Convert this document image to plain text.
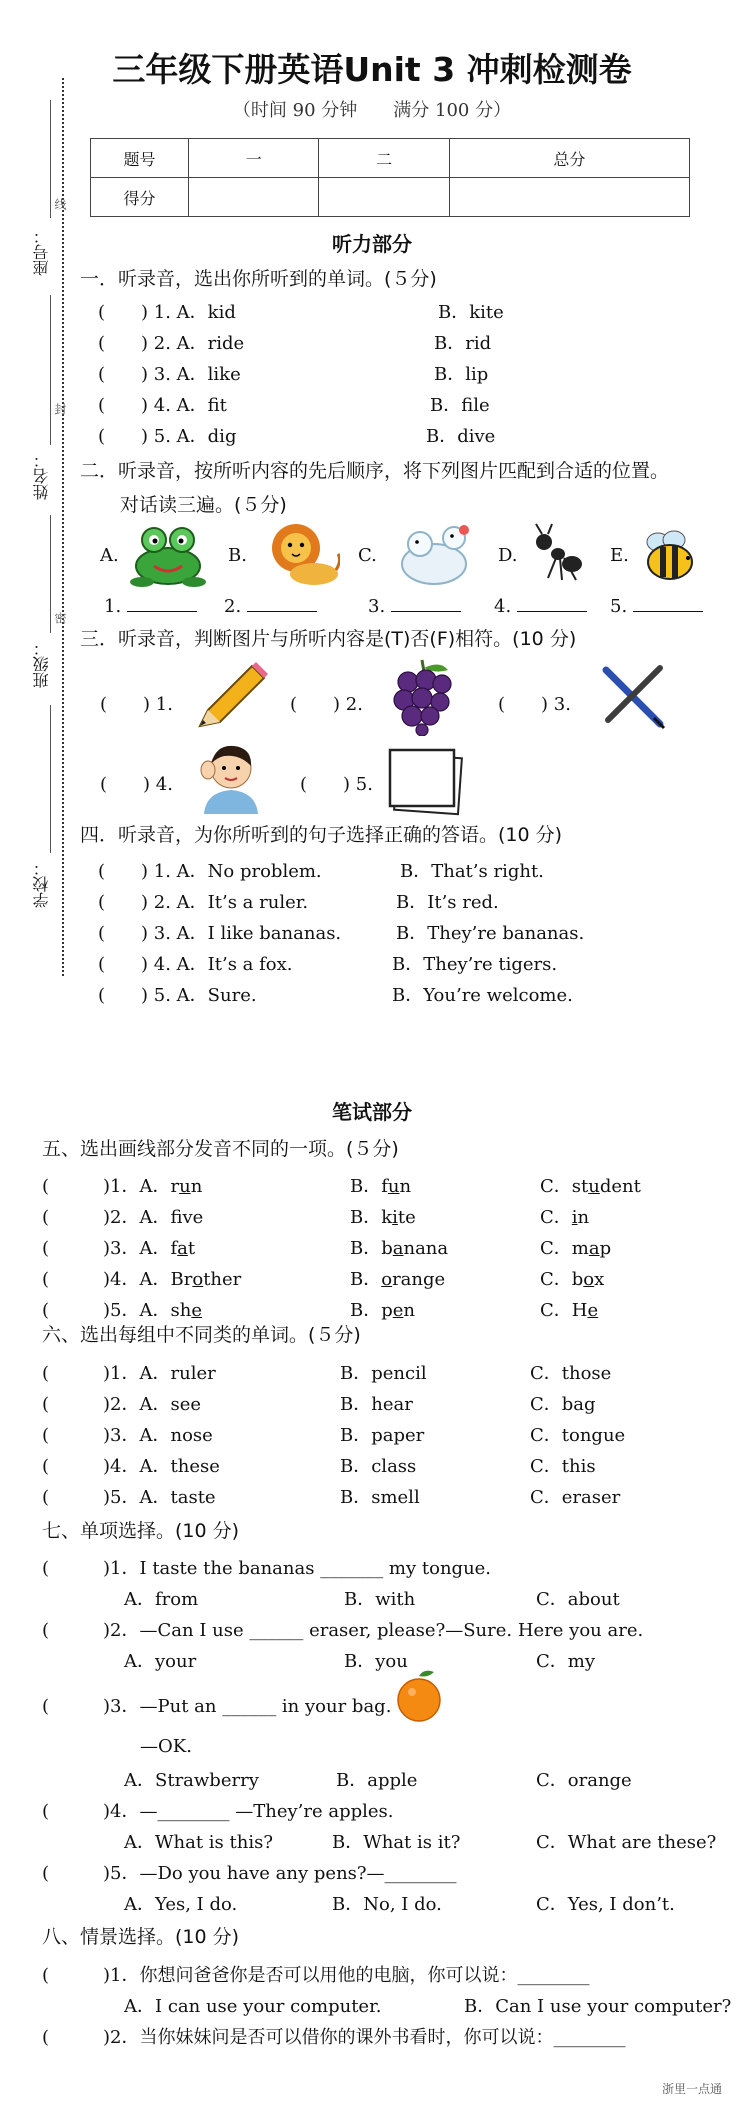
三年级下册英语Unit 3 冲刺检测卷
（时间 90 分钟　　满分 100 分）
题号	一	二	总分
得分			
座号：
姓名：
班级：
学校：
线
封
密
听力部分
一．听录音，选出你所听到的单词。(５分)
(　　) 1. A．kid	B．kite
(　　) 2. A．ride	B．rid
(　　) 3. A．like	B．lip
(　　) 4. A．fit	B．file
(　　) 5. A．dig	B．dive
二．听录音，按所听内容的先后顺序，将下列图片匹配到合适的位置。
对话读三遍。(５分)
A.	B.	C.	D.	E.
1.	2.	3.	4.	5.
三．听录音，判断图片与所听内容是(T)否(F)相符。(10 分)
(　　) 1.	(　　) 2.	(　　) 3.
(　　) 4.	(　　) 5.
四．听录音，为你所听到的句子选择正确的答语。(10 分)
(　　) 1. A．No problem.	B．That’s right.
(　　) 2. A．It’s a ruler.	B．It’s red.
(　　) 3. A．I like bananas.	B．They’re bananas.
(　　) 4. A．It’s a fox.	B．They’re tigers.
(　　) 5. A．Sure.	B．You’re welcome.
笔试部分
五、选出画线部分发音不同的一项。(５分)
(　　　)1．A．run	B．fun	C．student
(　　　)2．A．fve	B．kite	C．in
(　　　)3．A．fat	B．banana	C．map
(　　　)4．A．Brother	B．orange	C．box
(　　　)5．A．she	B．pen	C．He
六、选出每组中不同类的单词。(５分)
(　　　)1．A．ruler	B．pencil	C．those
(　　　)2．A．see	B．hear	C．bag
(　　　)3．A．nose	B．paper	C．tongue
(　　　)4．A．these	B．class	C．this
(　　　)5．A．taste	B．smell	C．eraser
七、单项选择。(10 分)
(　　　)1．I taste the bananas _______ my tongue.
A．from	B．with	C．about
(　　　)2．—Can I use ______ eraser, please?—Sure. Here you are.
A．your	B．you	C．my
(　　　)3．—Put an ______ in your bag.
—OK.
A．Strawberry	B．apple	C．orange
(　　　)4．—________ —They’re apples.
A．What is this?	B．What is it?	C．What are these?
(　　　)5．—Do you have any pens?—________
A．Yes, I do.	B．No, I do.	C．Yes, I don’t.
八、情景选择。(10 分)
(　　　)1．你想问爸爸你是否可以用他的电脑，你可以说：________
A．I can use your computer.	B．Can I use your computer?
(　　　)2．当你妹妹问是否可以借你的课外书看时，你可以说：________
浙里一点通
